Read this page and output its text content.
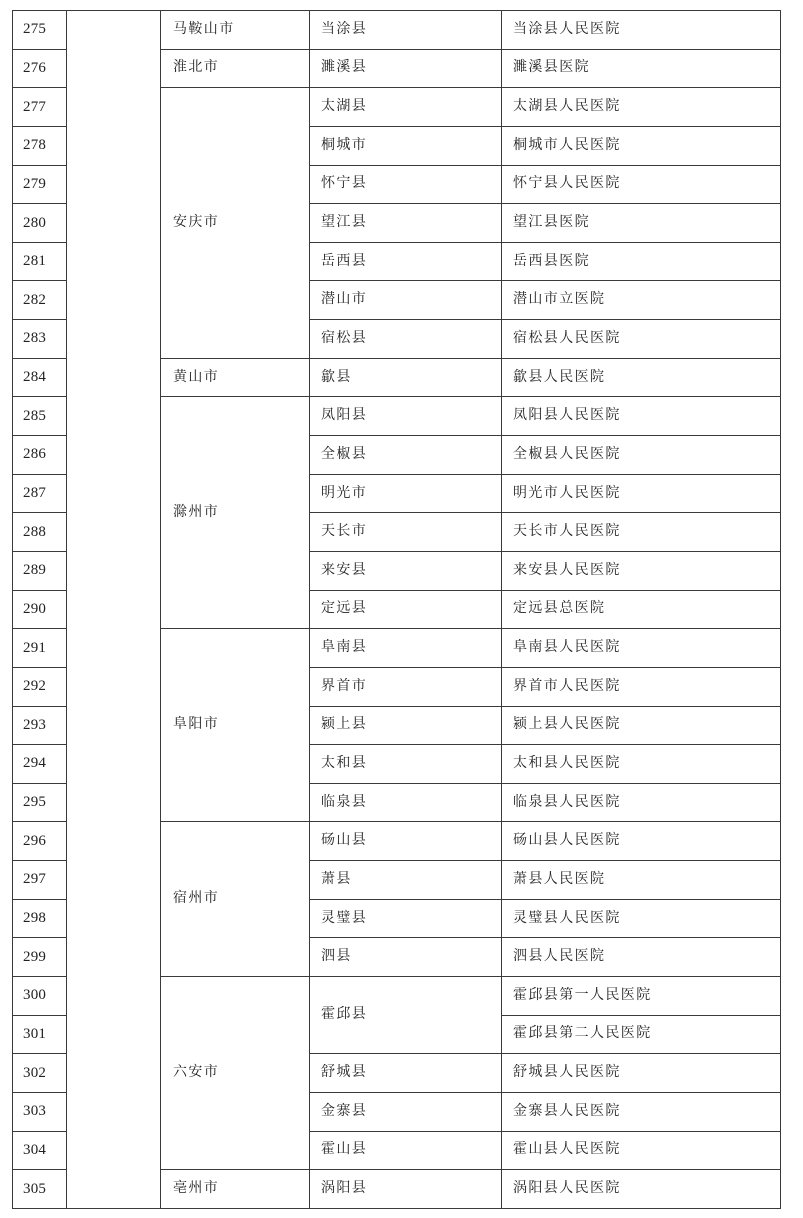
275		马鞍山市	当涂县	当涂县人民医院
276		淮北市	濉溪县	濉溪县医院
277		安庆市	太湖县	太湖县人民医院
278			桐城市	桐城市人民医院
279			怀宁县	怀宁县人民医院
280			望江县	望江县医院
281			岳西县	岳西县医院
282			潜山市	潜山市立医院
283			宿松县	宿松县人民医院
284		黄山市	歙县	歙县人民医院
285		滁州市	凤阳县	凤阳县人民医院
286			全椒县	全椒县人民医院
287			明光市	明光市人民医院
288			天长市	天长市人民医院
289			来安县	来安县人民医院
290			定远县	定远县总医院
291		阜阳市	阜南县	阜南县人民医院
292			界首市	界首市人民医院
293			颍上县	颍上县人民医院
294			太和县	太和县人民医院
295			临泉县	临泉县人民医院
296		宿州市	砀山县	砀山县人民医院
297			萧县	萧县人民医院
298			灵璧县	灵璧县人民医院
299			泗县	泗县人民医院
300		六安市	霍邱县	霍邱县第一人民医院
301				霍邱县第二人民医院
302			舒城县	舒城县人民医院
303			金寨县	金寨县人民医院
304			霍山县	霍山县人民医院
305		亳州市	涡阳县	涡阳县人民医院
